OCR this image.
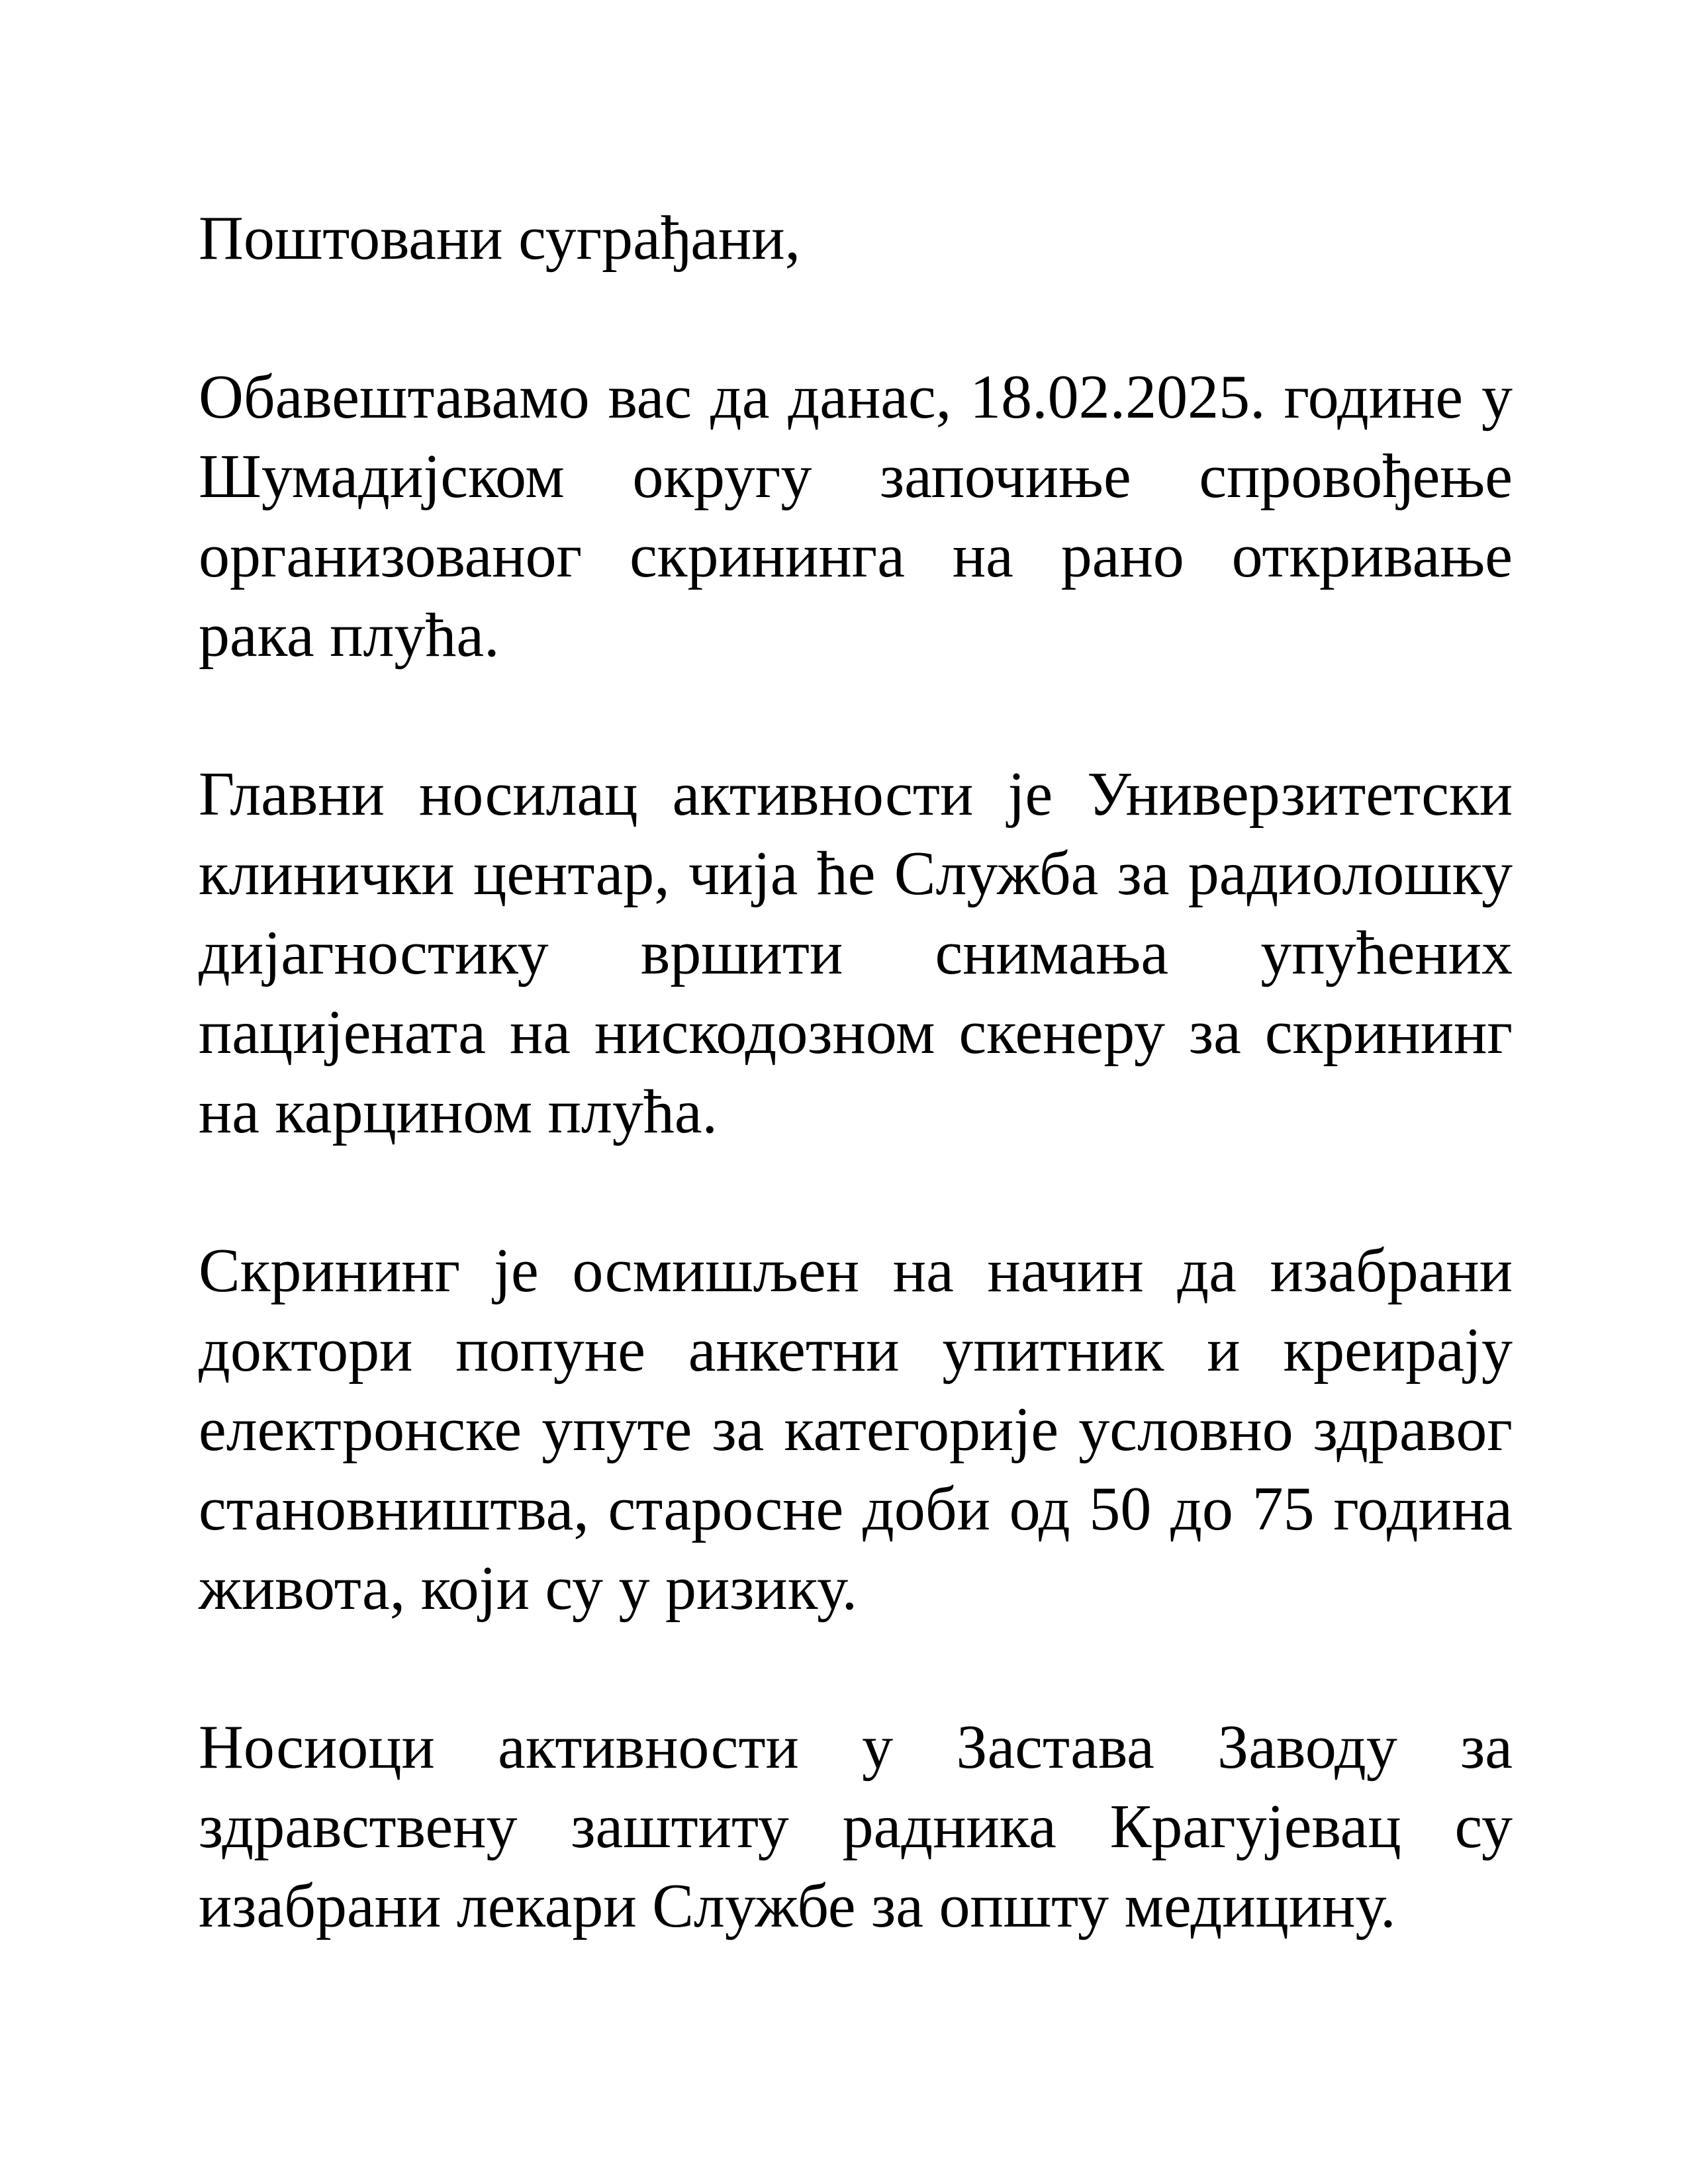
Поштовани суграђани,

Обавештавамо вас да данас, 18.02.2025. године у Шумадијском округу започиње спровођење организованог скрининга на рано откривање рака плућа.

Главни носилац активности је Универзитетски клинички центар, чија ће Служба за радиолошку дијагностику вршити снимања упућених пацијената на нискодозном скенеру за скрининг на карцином плућа.

Скрининг је осмишљен на начин да изабрани доктори попуне анкетни упитник и креирају електронске упуте за категорије условно здравог становништва, старосне доби од 50 до 75 година живота, који су у ризику.

Носиоци активности у Застава Заводу за здравствену заштиту радника Крагујевац су изабрани лекари Службе за општу медицину.
